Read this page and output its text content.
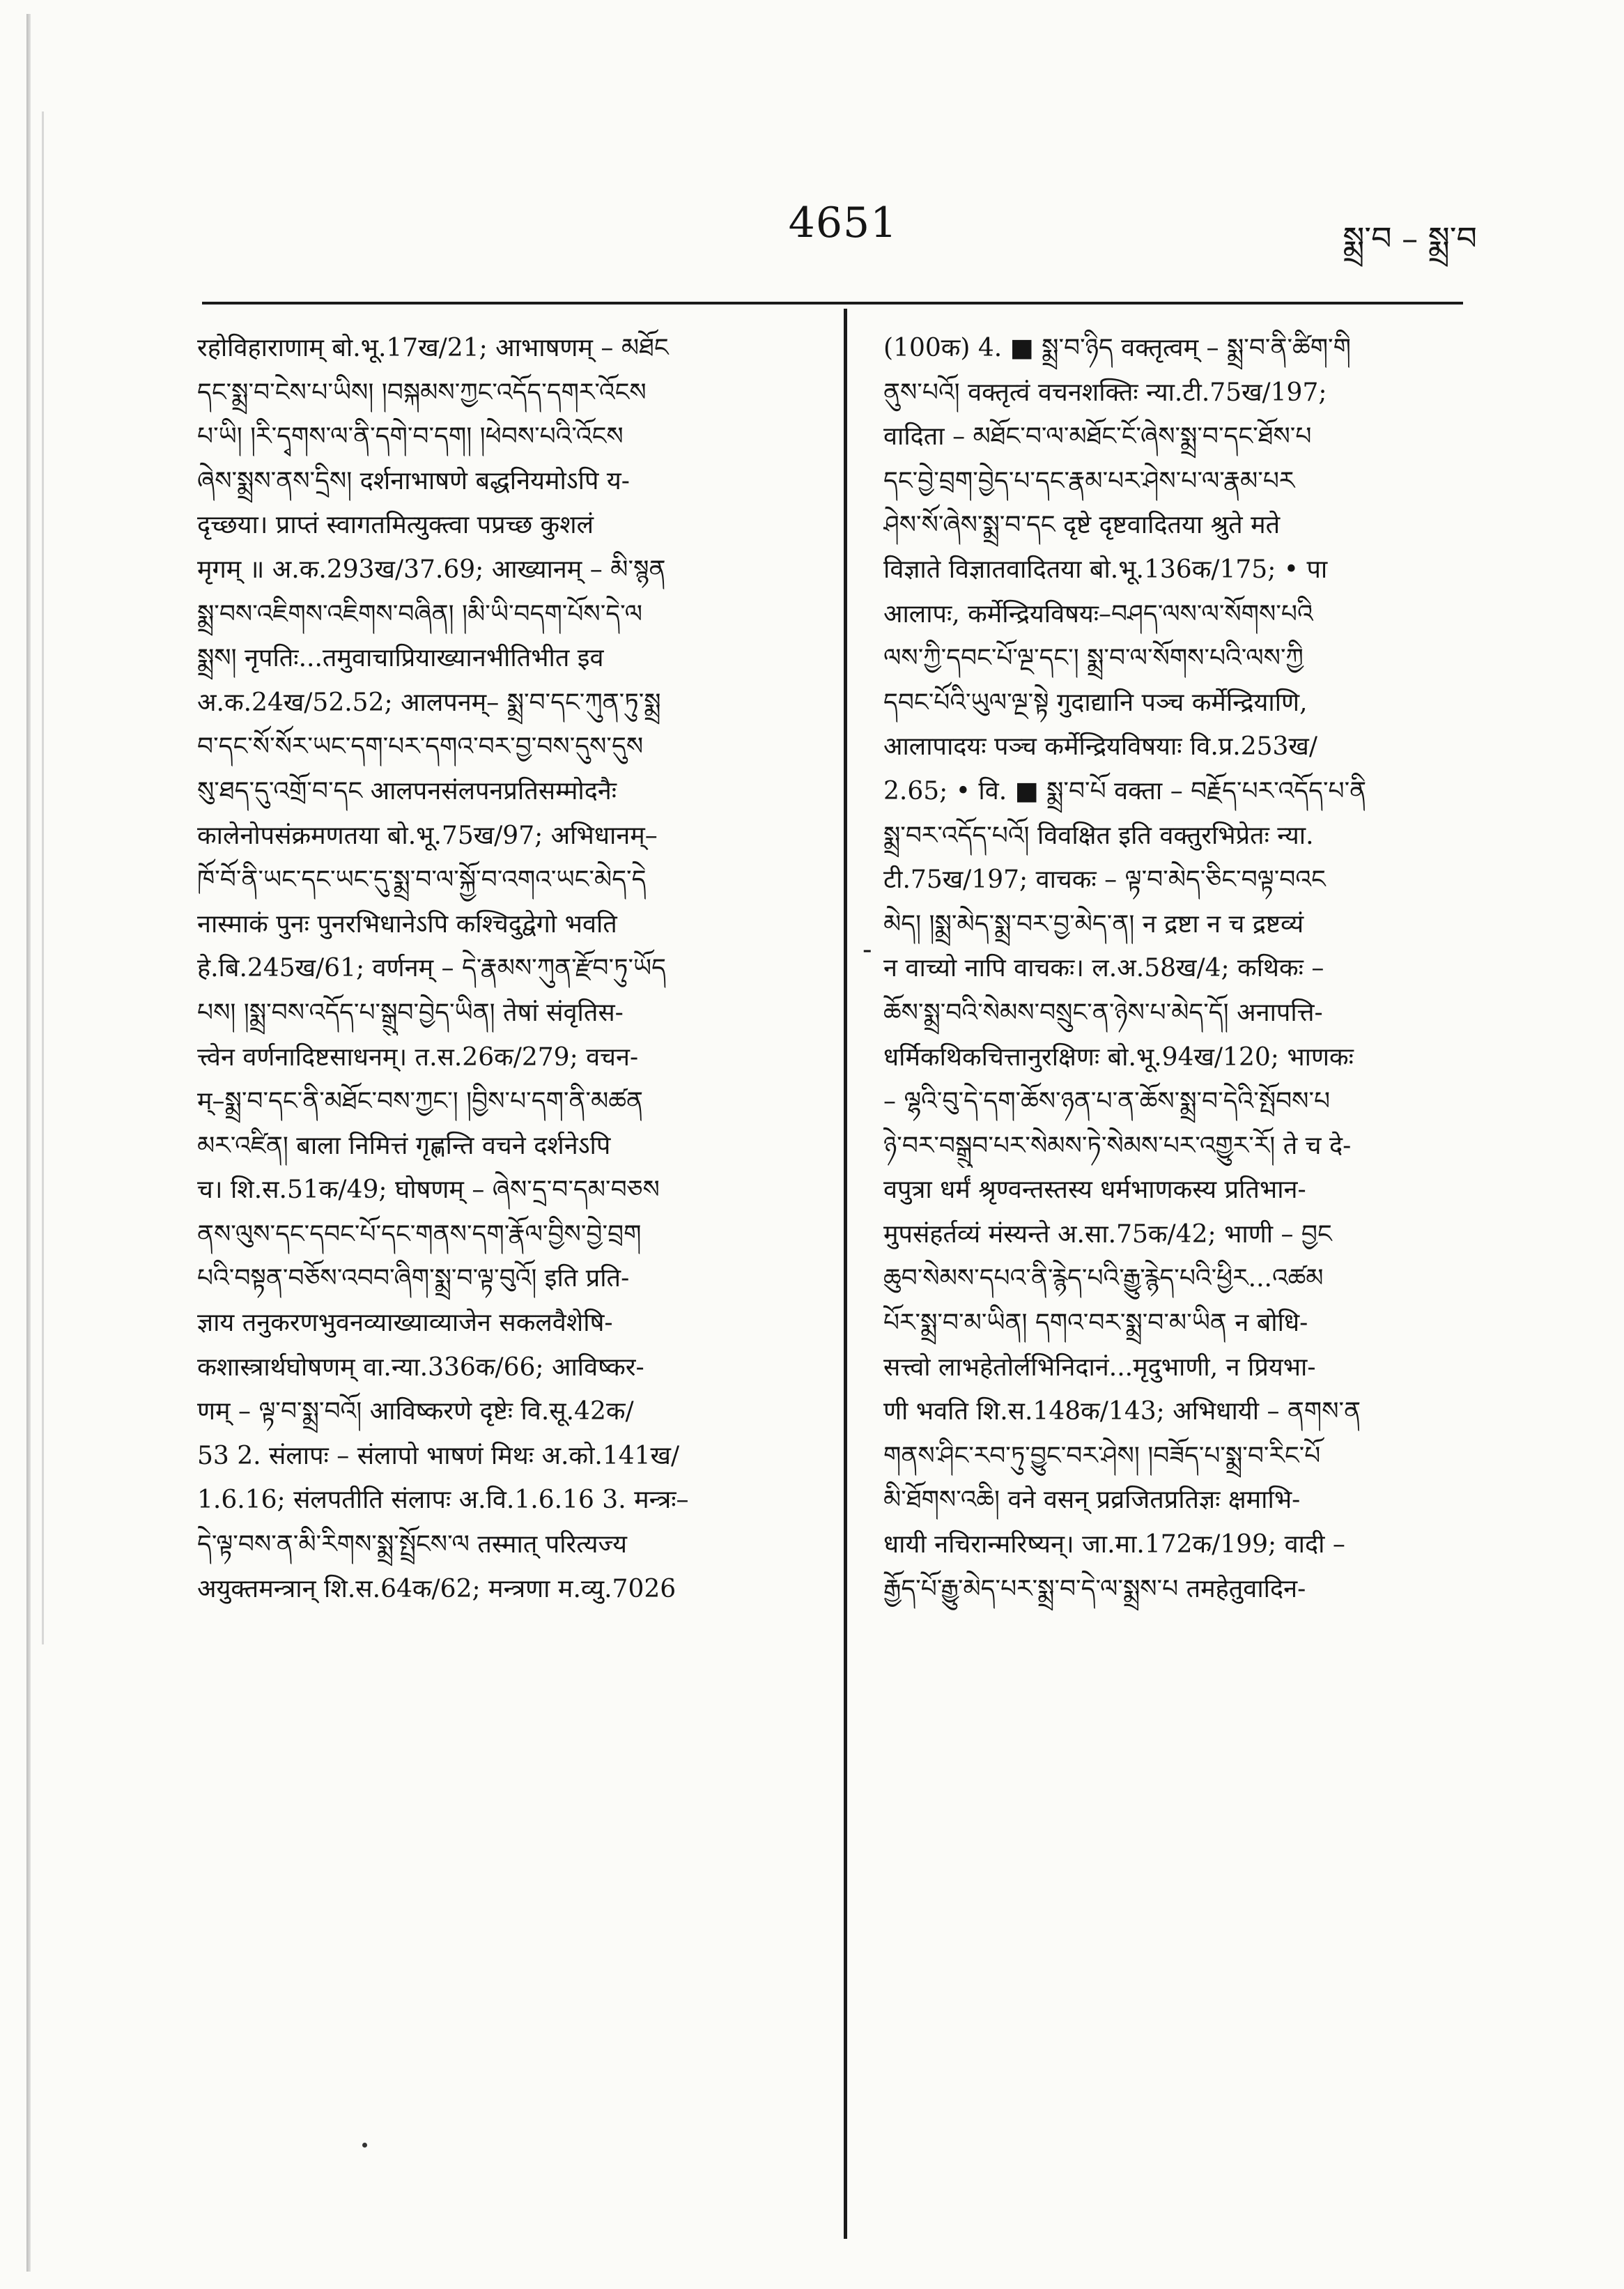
4651	སྨྲ་བ – སྨྲ་བ
-
रहोविहाराणाम् बो.भू.17ख/21; आभाषणम् – མཐོང
དང་སྨྲ་བ་ངེས་པ་ཡིས། །བསྐམས་ཀྱང་འདོད་དགར་འོངས
པ་ཡི། །རི་དྭགས་ལ་ནི་དགེ་བ་དག། །ཕེབས་པའི་འོངས
ཞེས་སྨྲས་ནས་དྲིས། दर्शनाभाषणे बद्धनियमोऽपि य-
दृच्छया। प्राप्तं स्वागतमित्युक्त्वा पप्रच्छ कुशलं
मृगम् ॥ अ.क.293ख/37.69; आख्यानम् – མི་སྙན
སྨྲ་བས་འཇིགས་འཇིགས་བཞིན། །མི་ཡི་བདག་པོས་དེ་ལ
སྨྲས། नृपतिः...तमुवाचाप्रियाख्यानभीतिभीत इव
अ.क.24ख/52.52; आलपनम्– སྨྲ་བ་དང་ཀུན་ཏུ་སྨྲ
བ་དང་སོ་སོར་ཡང་དག་པར་དགའ་བར་བྱ་བས་དུས་དུས
སུ་ཐད་དུ་འགྲོ་བ་དང आलपनसंलपनप्रतिसम्मोदनैः
कालेनोपसंक्रमणतया बो.भू.75ख/97; अभिधानम्–
ཁོ་བོ་ནི་ཡང་དང་ཡང་དུ་སྨྲ་བ་ལ་སྐྱོ་བ་འགའ་ཡང་མེད་དེ
नास्माकं पुनः पुनरभिधानेऽपि कश्चिदुद्वेगो भवति
हे.बि.245ख/61; वर्णनम् – དེ་རྣམས་ཀུན་རྫོབ་ཏུ་ཡོད
པས། །སྨྲ་བས་འདོད་པ་སྒྲུབ་བྱེད་ཡིན། तेषां संवृतिस-
त्त्वेन वर्णनादिष्टसाधनम्। त.स.26क/279; वचन-
म्–སྨྲ་བ་དང་ནི་མཐོང་བས་ཀྱང་། །བྱིས་པ་དག་ནི་མཚན
མར་འཛིན། बाला निमित्तं गृह्णन्ति वचने दर्शनेऽपि
च। शि.स.51क/49; घोषणम् – ཞེས་དྲ་བ་དམ་བཅས
ནས་ལུས་དང་དབང་པོ་དང་གནས་དག་རྣོལ་བྱིས་བྱེ་བྲག
པའི་བསྟན་བཅོས་འབབ་ཞིག་སྨྲ་བ་ལྟ་བུའོ། इति प्रति-
ज्ञाय तनुकरणभुवनव्याख्याव्याजेन सकलवैशेषि-
कशास्त्रार्थघोषणम् वा.न्या.336क/66; आविष्कर-
णम् – ལྟ་བ་སྨྲ་བའོ། आविष्करणे दृष्टेः वि.सू.42क/
53 2. संलापः – संलापो भाषणं मिथः अ.को.141ख/
1.6.16; संलपतीति संलापः अ.वि.1.6.16 3. मन्त्रः–
དེ་ལྟ་བས་ན་མི་རིགས་སྨྲ་སྤྲོངས་ལ तस्मात् परित्यज्य
अयुक्तमन्त्रान् शि.स.64क/62; मन्त्रणा म.व्यु.7026
(100क) 4. ■ སྨྲ་བ་ཉིད वक्तृत्वम् – སྨྲ་བ་ནི་ཚིག་གི
ནུས་པའོ། वक्तृत्वं वचनशक्तिः न्या.टी.75ख/197;
वादिता – མཐོང་བ་ལ་མཐོང་ངོ་ཞེས་སྨྲ་བ་དང་ཐོས་པ
དང་བྱེ་བྲག་བྱེད་པ་དང་རྣམ་པར་ཤེས་པ་ལ་རྣམ་པར
ཤེས་སོ་ཞེས་སྨྲ་བ་དང दृष्टे दृष्टवादितया श्रुते मते
विज्ञाते विज्ञातवादितया बो.भू.136क/175; • पा
आलापः, कर्मेन्द्रियविषयः–བཤད་ལས་ལ་སོགས་པའི
ལས་ཀྱི་དབང་པོ་ལྔ་དང་། སྨྲ་བ་ལ་སོགས་པའི་ལས་ཀྱི
དབང་པོའི་ཡུལ་ལྔ་སྟེ गुदाद्यानि पञ्च कर्मेन्द्रियाणि,
आलापादयः पञ्च कर्मेन्द्रियविषयाः वि.प्र.253ख/
2.65; • वि. ■ སྨྲ་བ་པོ वक्ता – བརྗོད་པར་འདོད་པ་ནི
སྨྲ་བར་འདོད་པའོ། विवक्षित इति वक्तुरभिप्रेतः न्या.
टी.75ख/197; वाचकः – ལྟ་བ་མེད་ཅིང་བལྟ་བའང
མེད། །སྨྲ་མེད་སྨྲ་བར་བྱ་མེད་ན། न द्रष्टा न च द्रष्टव्यं
न वाच्यो नापि वाचकः। ल.अ.58ख/4; कथिकः –
ཆོས་སྨྲ་བའི་སེམས་བསྲུང་ན་ཉེས་པ་མེད་དོ། अनापत्ति-
धर्मिकथिकचित्तानुरक्षिणः बो.भू.94ख/120; भाणकः
– ལྷའི་བུ་དེ་དག་ཆོས་ཉན་པ་ན་ཆོས་སྨྲ་བ་དེའི་སྤོབས་པ
ཉེ་བར་བསྒྲུབ་པར་སེམས་ཏེ་སེམས་པར་འགྱུར་རོ། ते च दे-
वपुत्रा धर्मं श्रृण्वन्तस्तस्य धर्मभाणकस्य प्रतिभान-
मुपसंहर्तव्यं मंस्यन्ते अ.सा.75क/42; भाणी – བྱང
ཆུབ་སེམས་དཔའ་ནི་རྙེད་པའི་རྒྱུ་རྙེད་པའི་ཕྱིར...འཚམ
པོར་སྨྲ་བ་མ་ཡིན། དགའ་བར་སྨྲ་བ་མ་ཡིན न बोधि-
सत्त्वो लाभहेतोर्लभिनिदानं...मृदुभाणी, न प्रियभा-
णी भवति शि.स.148क/143; अभिधायी – ནགས་ན
གནས་ཤིང་རབ་ཏུ་བྱུང་བར་ཤེས། །བཟོད་པ་སྨྲ་བ་རིང་པོ
མི་ཐོགས་འཆི། वने वसन् प्रव्रजितप्रतिज्ञः क्षमाभि-
धायी नचिरान्मरिष्यन्। जा.मा.172क/199; वादी –
རྒྱོད་པོ་རྒྱུ་མེད་པར་སྨྲ་བ་དེ་ལ་སྨྲས་པ तमहेतुवादिन-
